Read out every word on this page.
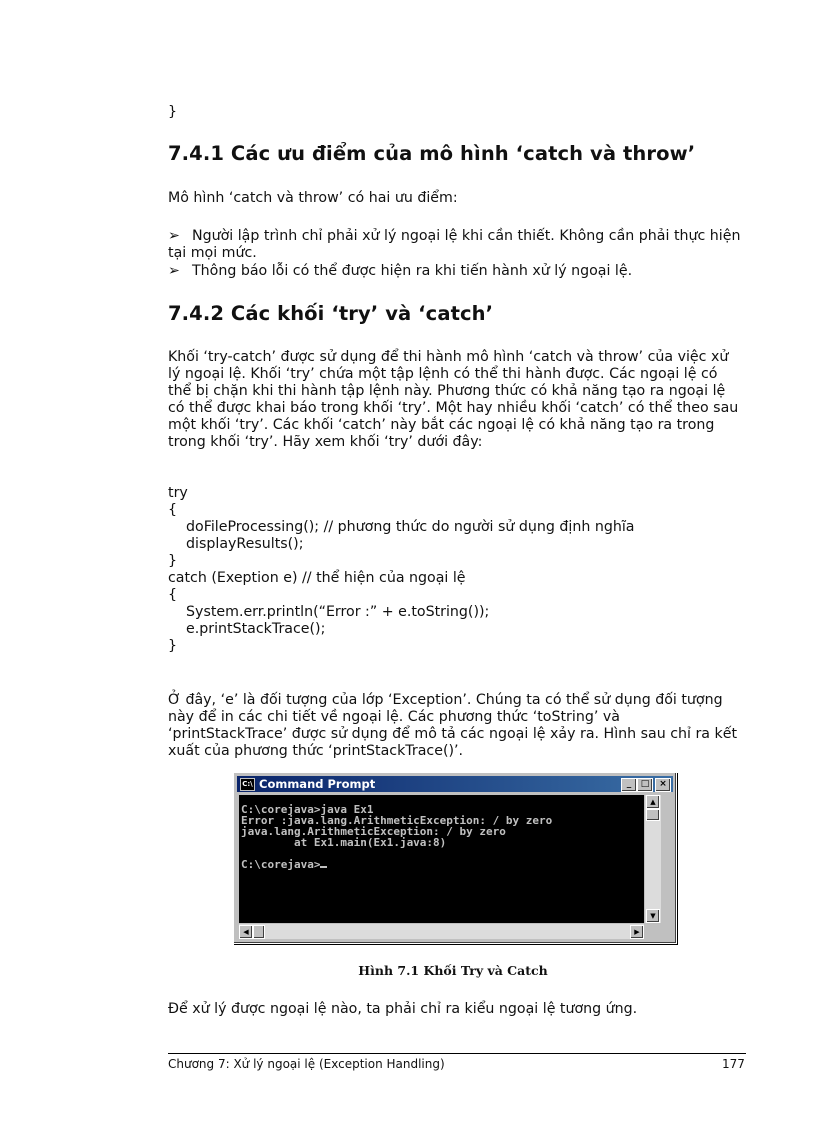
}

7.4.1 Các ưu điểm của mô hình ‘catch và throw’

Mô hình ‘catch và throw’ có hai ưu điểm:

➢ Người lập trình chỉ phải xử lý ngoại lệ khi cần thiết. Không cần phải thực hiện tại mọi mức.
➢ Thông báo lỗi có thể được hiện ra khi tiến hành xử lý ngoại lệ.
7.4.2 Các khối ‘try’ và ‘catch’

Khối ‘try-catch’ được sử dụng để thi hành mô hình ‘catch và throw’ của việc xử lý ngoại lệ. Khối ‘try’ chứa một tập lệnh có thể thi hành được. Các ngoại lệ có thể bị chặn khi thi hành tập lệnh này. Phương thức có khả năng tạo ra ngoại lệ có thể được khai báo trong khối ‘try’. Một hay nhiều khối ‘catch’ có thể theo sau một khối ‘try’. Các khối ‘catch’ này bắt các ngoại lệ có khả năng tạo ra trong trong khối ‘try’. Hãy xem khối ‘try’ dưới đây:

try
{
doFileProcessing(); // phương thức do người sử dụng định nghĩa
displayResults();
}
catch (Exeption e) // thể hiện của ngoại lệ
{
System.err.println(“Error :” + e.toString());
e.printStackTrace();
}

Ở đây, ‘e’ là đối tượng của lớp ‘Exception’. Chúng ta có thể sử dụng đối tượng này để in các chi tiết về ngoại lệ. Các phương thức ‘toString’ và ‘printStackTrace’ được sử dụng để mô tả các ngoại lệ xảy ra. Hình sau chỉ ra kết xuất của phương thức ‘printStackTrace()’.

C:\ Command Prompt	_	□	×
C:\corejava>java Ex1
Error :java.lang.ArithmeticException: / by zero
java.lang.ArithmeticException: / by zero
at Ex1.main(Ex1.java:8)
C:\corejava>
▲
▼
◀	▶
Hình 7.1 Khối Try và Catch

Để xử lý được ngoại lệ nào, ta phải chỉ ra kiểu ngoại lệ tương ứng.

Chương 7: Xử lý ngoại lệ (Exception Handling)	177
